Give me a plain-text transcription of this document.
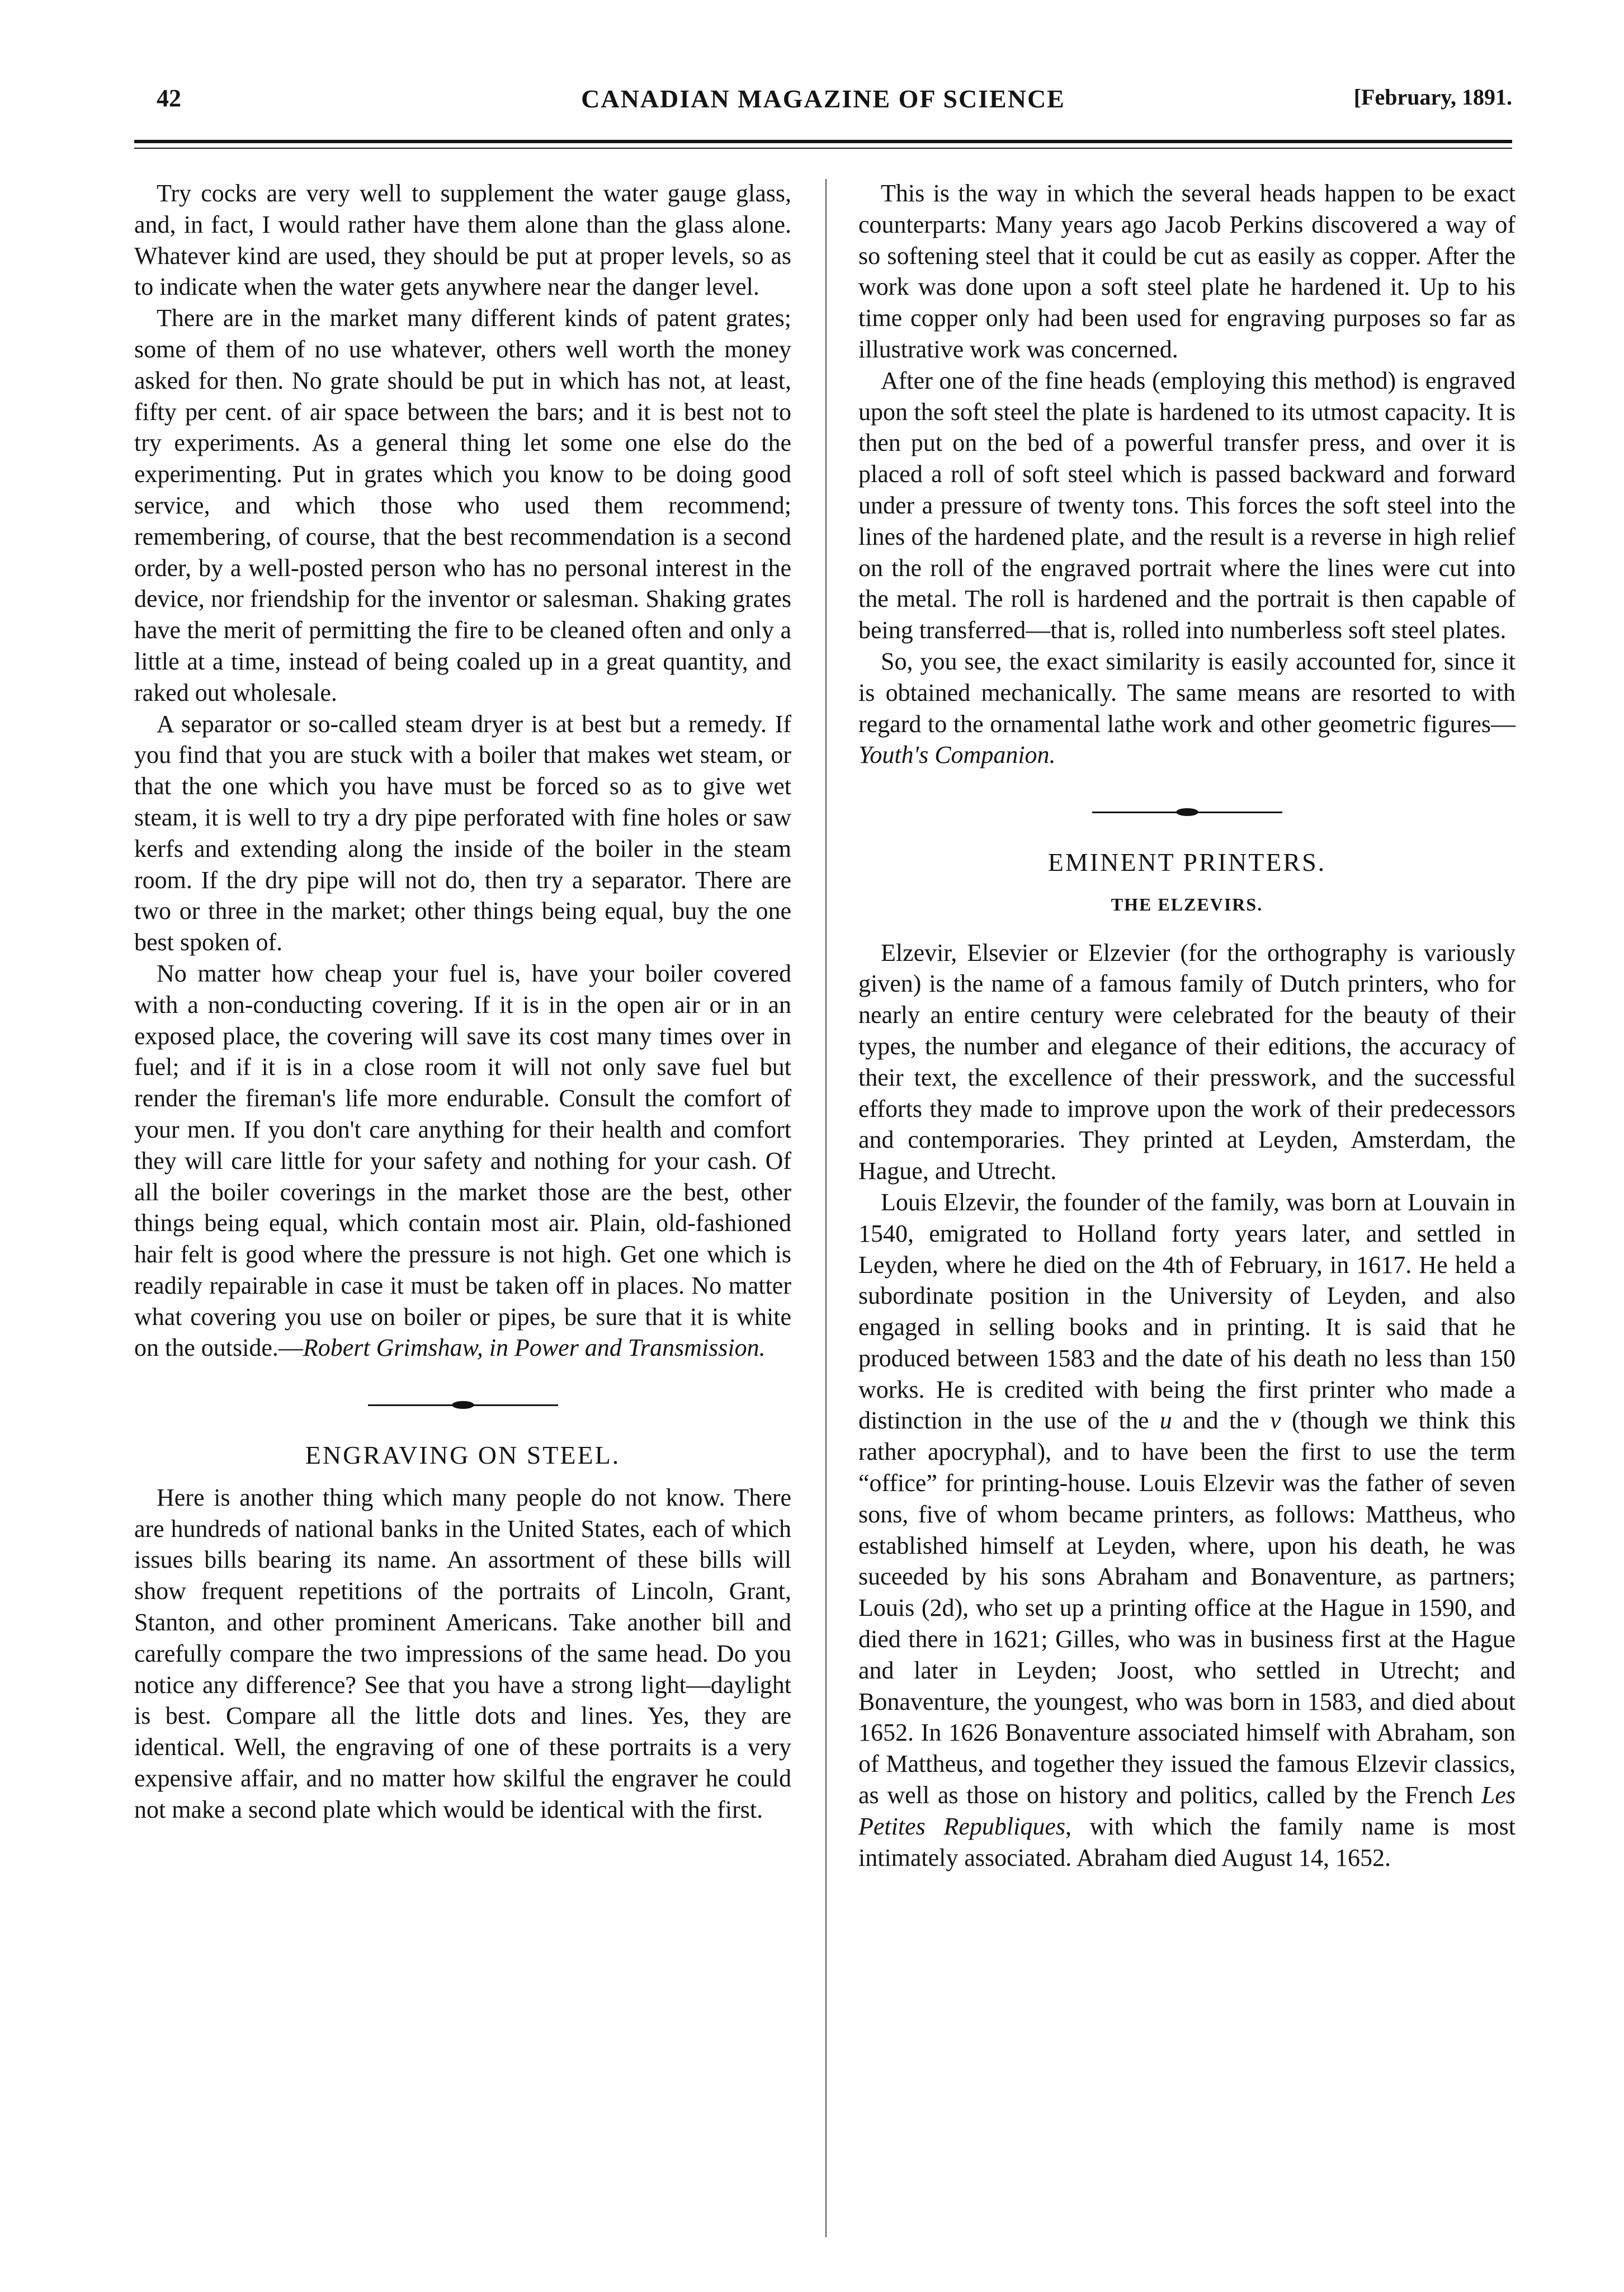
42	CANADIAN MAGAZINE OF SCIENCE	[February, 1891.

Try cocks are very well to supplement the water gauge glass, and, in fact, I would rather have them alone than the glass alone. Whatever kind are used, they should be put at proper levels, so as to indicate when the water gets anywhere near the danger level.

There are in the market many different kinds of patent grates; some of them of no use whatever, others well worth the money asked for then. No grate should be put in which has not, at least, fifty per cent. of air space between the bars; and it is best not to try experiments. As a general thing let some one else do the experimenting. Put in grates which you know to be doing good service, and which those who used them recommend; remembering, of course, that the best recommendation is a second order, by a well-posted person who has no personal interest in the device, nor friendship for the inventor or salesman. Shaking grates have the merit of permitting the fire to be cleaned often and only a little at a time, instead of being coaled up in a great quantity, and raked out wholesale.

A separator or so-called steam dryer is at best but a remedy. If you find that you are stuck with a boiler that makes wet steam, or that the one which you have must be forced so as to give wet steam, it is well to try a dry pipe perforated with fine holes or saw kerfs and extending along the inside of the boiler in the steam room. If the dry pipe will not do, then try a separator. There are two or three in the market; other things being equal, buy the one best spoken of.

No matter how cheap your fuel is, have your boiler covered with a non-conducting covering. If it is in the open air or in an exposed place, the covering will save its cost many times over in fuel; and if it is in a close room it will not only save fuel but render the fireman's life more endurable. Consult the comfort of your men. If you don't care anything for their health and comfort they will care little for your safety and nothing for your cash. Of all the boiler coverings in the market those are the best, other things being equal, which contain most air. Plain, old-fashioned hair felt is good where the pressure is not high. Get one which is readily repairable in case it must be taken off in places. No matter what covering you use on boiler or pipes, be sure that it is white on the outside.—Robert Grimshaw, in Power and Transmission.

ENGRAVING ON STEEL.

Here is another thing which many people do not know. There are hundreds of national banks in the United States, each of which issues bills bearing its name. An assortment of these bills will show frequent repetitions of the portraits of Lincoln, Grant, Stanton, and other prominent Americans. Take another bill and carefully compare the two impressions of the same head. Do you notice any difference? See that you have a strong light—daylight is best. Compare all the little dots and lines. Yes, they are identical. Well, the engraving of one of these portraits is a very expensive affair, and no matter how skilful the engraver he could not make a second plate which would be identical with the first.

This is the way in which the several heads happen to be exact counterparts: Many years ago Jacob Perkins discovered a way of so softening steel that it could be cut as easily as copper. After the work was done upon a soft steel plate he hardened it. Up to his time copper only had been used for engraving purposes so far as illustrative work was concerned.

After one of the fine heads (employing this method) is engraved upon the soft steel the plate is hardened to its utmost capacity. It is then put on the bed of a powerful transfer press, and over it is placed a roll of soft steel which is passed backward and forward under a pressure of twenty tons. This forces the soft steel into the lines of the hardened plate, and the result is a reverse in high relief on the roll of the engraved portrait where the lines were cut into the metal. The roll is hardened and the portrait is then capable of being transferred—that is, rolled into numberless soft steel plates.

So, you see, the exact similarity is easily accounted for, since it is obtained mechanically. The same means are resorted to with regard to the ornamental lathe work and other geometric figures—Youth's Companion.

EMINENT PRINTERS.
THE ELZEVIRS.

Elzevir, Elsevier or Elzevier (for the orthography is variously given) is the name of a famous family of Dutch printers, who for nearly an entire century were celebrated for the beauty of their types, the number and elegance of their editions, the accuracy of their text, the excellence of their presswork, and the successful efforts they made to improve upon the work of their predecessors and contemporaries. They printed at Leyden, Amsterdam, the Hague, and Utrecht.

Louis Elzevir, the founder of the family, was born at Louvain in 1540, emigrated to Holland forty years later, and settled in Leyden, where he died on the 4th of February, in 1617. He held a subordinate position in the University of Leyden, and also engaged in selling books and in printing. It is said that he produced between 1583 and the date of his death no less than 150 works. He is credited with being the first printer who made a distinction in the use of the u and the v (though we think this rather apocryphal), and to have been the first to use the term “office” for printing-house. Louis Elzevir was the father of seven sons, five of whom became printers, as follows: Mattheus, who established himself at Leyden, where, upon his death, he was suceeded by his sons Abraham and Bonaventure, as partners; Louis (2d), who set up a printing office at the Hague in 1590, and died there in 1621; Gilles, who was in business first at the Hague and later in Leyden; Joost, who settled in Utrecht; and Bonaventure, the youngest, who was born in 1583, and died about 1652. In 1626 Bonaventure associated himself with Abraham, son of Mattheus, and together they issued the famous Elzevir classics, as well as those on history and politics, called by the French Les Petites Republiques, with which the family name is most intimately associated. Abraham died August 14, 1652.
